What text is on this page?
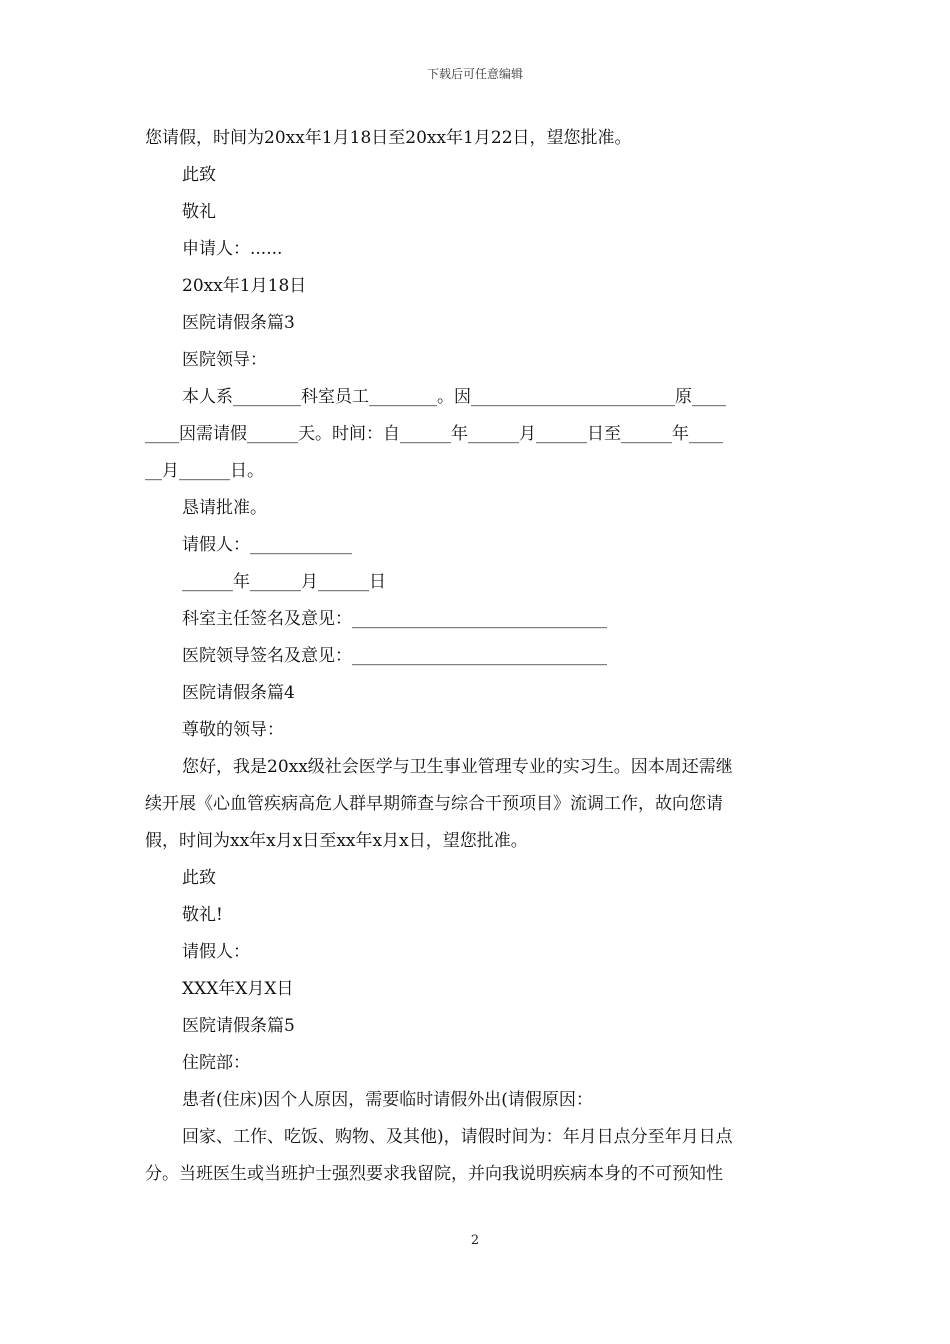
下载后可任意编辑
您请假，时间为20xx年1月18日至20xx年1月22日，望您批准。
此致
敬礼
申请人：......
20xx年1月18日
医院请假条篇3
医院领导：
本人系________科室员工________。因________________________原____
____因需请假______天。时间：自______年______月______日至______年____
__月______日。
恳请批准。
请假人：____________
______年______月______日
科室主任签名及意见：______________________________
医院领导签名及意见：______________________________
医院请假条篇4
尊敬的领导：
您好，我是20xx级社会医学与卫生事业管理专业的实习生。因本周还需继
续开展《心血管疾病高危人群早期筛查与综合干预项目》流调工作，故向您请
假，时间为xx年x月x日至xx年x月x日，望您批准。
此致
敬礼!
请假人：
XXX年X月X日
医院请假条篇5
住院部：
患者(住床)因个人原因，需要临时请假外出(请假原因：
回家、工作、吃饭、购物、及其他)，请假时间为：年月日点分至年月日点
分。当班医生或当班护士强烈要求我留院，并向我说明疾病本身的不可预知性
2
